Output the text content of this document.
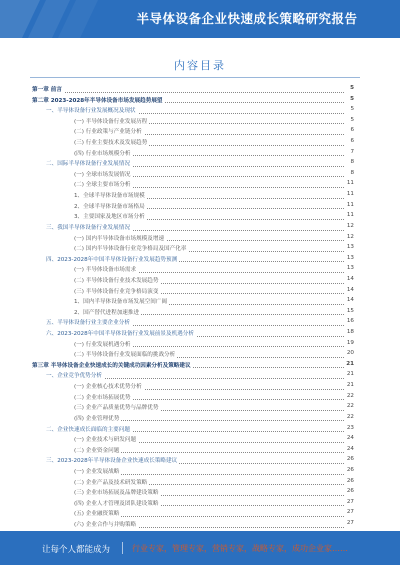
半导体设备企业快速成长策略研究报告
内容目录
第一章 前言	5
第二章 2023-2028年半导体设备市场发展趋势展望	5
一、半导体设备行业发展概况及现状	5
(一) 半导体设备行业发展历程	5
(二) 行业政策与产业链分析	6
(三) 行业主要技术及发展趋势	6
(四) 行业市场规模分析	7
二、国际半导体设备行业发展情况	8
(一) 全球市场发展情况	8
(二) 全球主要市场分析	11
1、全球半导体设备市场规模	11
2、全球半导体设备市场格局	11
3、主要国家及地区市场分析	11
三、我国半导体设备行业发展情况	12
(一) 国内半导体设备市场规模及增速	12
(二) 国内半导体设备行业竞争格局及国产化率	13
四、2023-2028年中国半导体设备行业发展趋势预测	13
(一) 半导体设备市场需求	13
(二) 半导体设备行业技术发展趋势	14
(三) 半导体设备行业竞争格局演变	14
1、国内半导体设备市场发展空间广阔	14
2、国产替代进程加速推进	15
五、半导体设备行业主要企业分析	16
六、2023-2028年中国半导体设备行业发展前景及机遇分析	18
(一) 行业发展机遇分析	19
(二) 半导体设备行业发展面临的挑战分析	20
第三章 半导体设备企业快速成长的关键成功因素分析及策略建议	21
一、企业竞争优势分析	21
(一) 企业核心技术优势分析	21
(二) 企业市场拓展优势	22
(三) 企业产品质量优势与品牌优势	22
(四) 企业管理优势	22
二、企业快速成长面临的主要问题	23
(一) 企业技术与研发问题	24
(二) 企业资金问题	24
三、2023-2028年半导体设备企业快速成长策略建议	26
(一) 企业发展战略	26
(二) 企业产品及技术研发策略	26
(三) 企业市场拓展及品牌建设策略	26
(四) 企业人才管理及团队建设策略	27
(五) 企业融资策略	27
(六) 企业合作与并购策略	27
让每个人都能成为	行业专家，管理专家，营销专家，战略专家，成功企业家……
